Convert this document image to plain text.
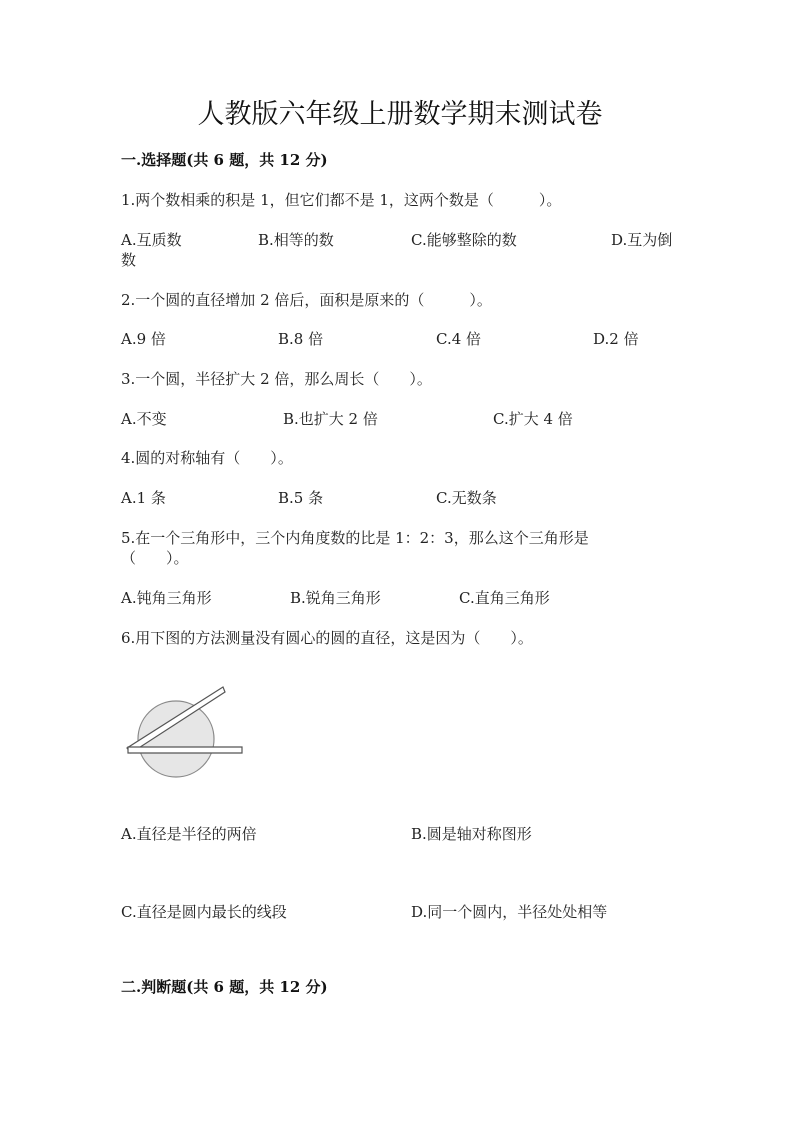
人教版六年级上册数学期末测试卷
一.选择题(共 6 题，共 12 分)
1.两个数相乘的积是 1，但它们都不是 1，这两个数是（　　　）。
A.互质数	B.相等的数	C.能够整除的数	D.互为倒
数
2.一个圆的直径增加 2 倍后，面积是原来的（　　　）。
A.9 倍	B.8 倍	C.4 倍	D.2 倍
3.一个圆，半径扩大 2 倍，那么周长（　　）。
A.不变	B.也扩大 2 倍	C.扩大 4 倍
4.圆的对称轴有（　　）。
A.1 条	B.5 条	C.无数条
5.在一个三角形中，三个内角度数的比是 1：2：3，那么这个三角形是
（　　）。
A.钝角三角形	B.锐角三角形	C.直角三角形
6.用下图的方法测量没有圆心的圆的直径，这是因为（　　）。
A.直径是半径的两倍	B.圆是轴对称图形
C.直径是圆内最长的线段	D.同一个圆内，半径处处相等
二.判断题(共 6 题，共 12 分)
